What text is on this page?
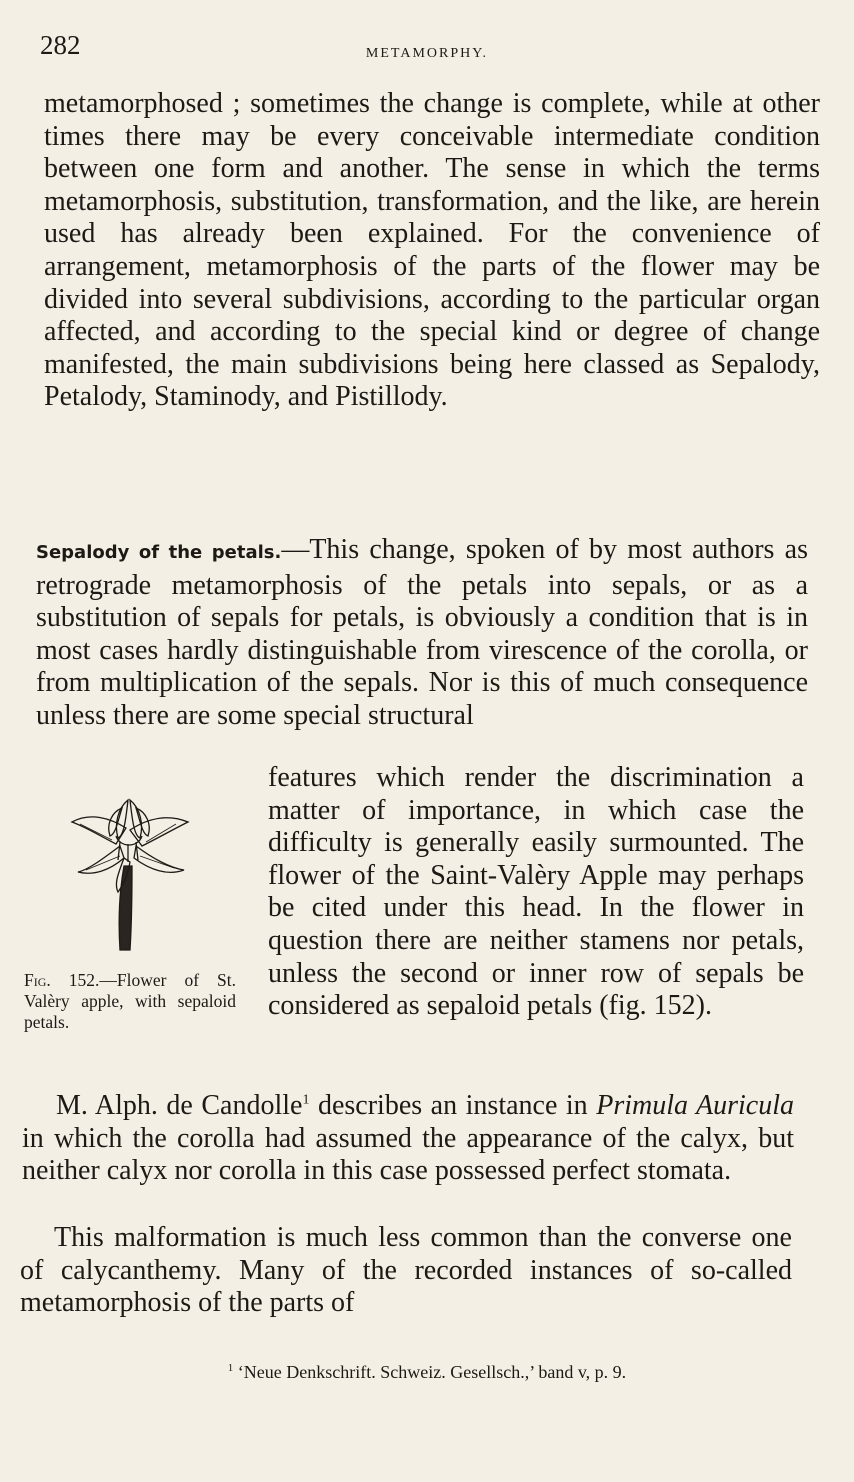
282	METAMORPHY.

metamorphosed ; sometimes the change is complete, while at other times there may be every conceivable intermediate condition between one form and another. The sense in which the terms metamorphosis, substitution, transformation, and the like, are herein used has already been explained. For the convenience of arrangement, metamorphosis of the parts of the flower may be divided into several subdivisions, according to the particular organ affected, and according to the special kind or degree of change manifested, the main subdivisions being here classed as Sepalody, Petalody, Staminody, and Pistillody.

Sepalody of the petals.—This change, spoken of by most authors as retrograde metamorphosis of the petals into sepals, or as a substitution of sepals for petals, is obviously a condition that is in most cases hardly distinguishable from virescence of the corolla, or from multiplication of the sepals. Nor is this of much consequence unless there are some special structural

features which render the discrimination a matter of importance, in which case the difficulty is generally easily surmounted. The flower of the Saint-Valèry Apple may perhaps be cited under this head. In the flower in question there are neither stamens nor petals, unless the second or inner row of sepals be considered as sepaloid petals (fig. 152).

Fig. 152.—Flower of St. Valèry apple, with sepaloid petals.

M. Alph. de Candolle$^1$ describes an instance in Primula Auricula in which the corolla had assumed the appearance of the calyx, but neither calyx nor corolla in this case possessed perfect stomata.

This malformation is much less common than the converse one of calycanthemy. Many of the recorded instances of so-called metamorphosis of the parts of

$^1$ ‘Neue Denkschrift. Schweiz. Gesellsch.,’ band v, p. 9.
